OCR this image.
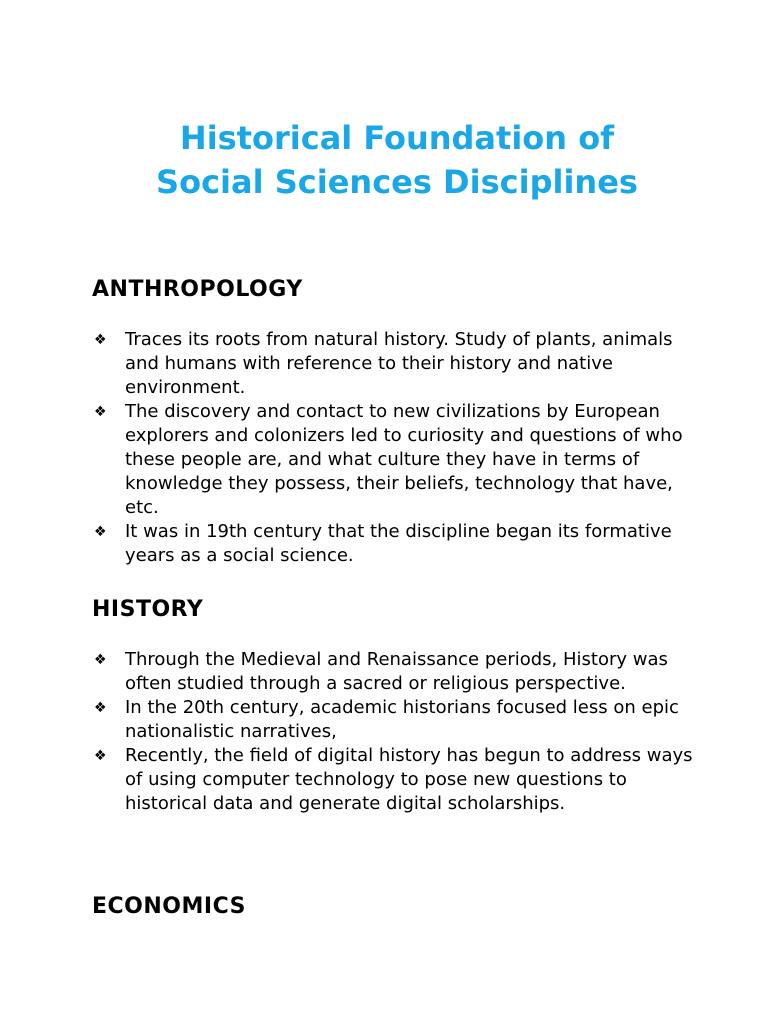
Historical Foundation of
Social Sciences Disciplines
ANTHROPOLOGY
❖ Traces its roots from natural history. Study of plants, animals and humans with reference to their history and native environment.
❖ The discovery and contact to new civilizations by European explorers and colonizers led to curiosity and questions of who these people are, and what culture they have in terms of knowledge they possess, their beliefs, technology that have, etc.
❖ It was in 19th century that the discipline began its formative years as a social science.
HISTORY
❖ Through the Medieval and Renaissance periods, History was often studied through a sacred or religious perspective.
❖ In the 20th century, academic historians focused less on epic nationalistic narratives,
❖ Recently, the field of digital history has begun to address ways of using computer technology to pose new questions to historical data and generate digital scholarships.
ECONOMICS
